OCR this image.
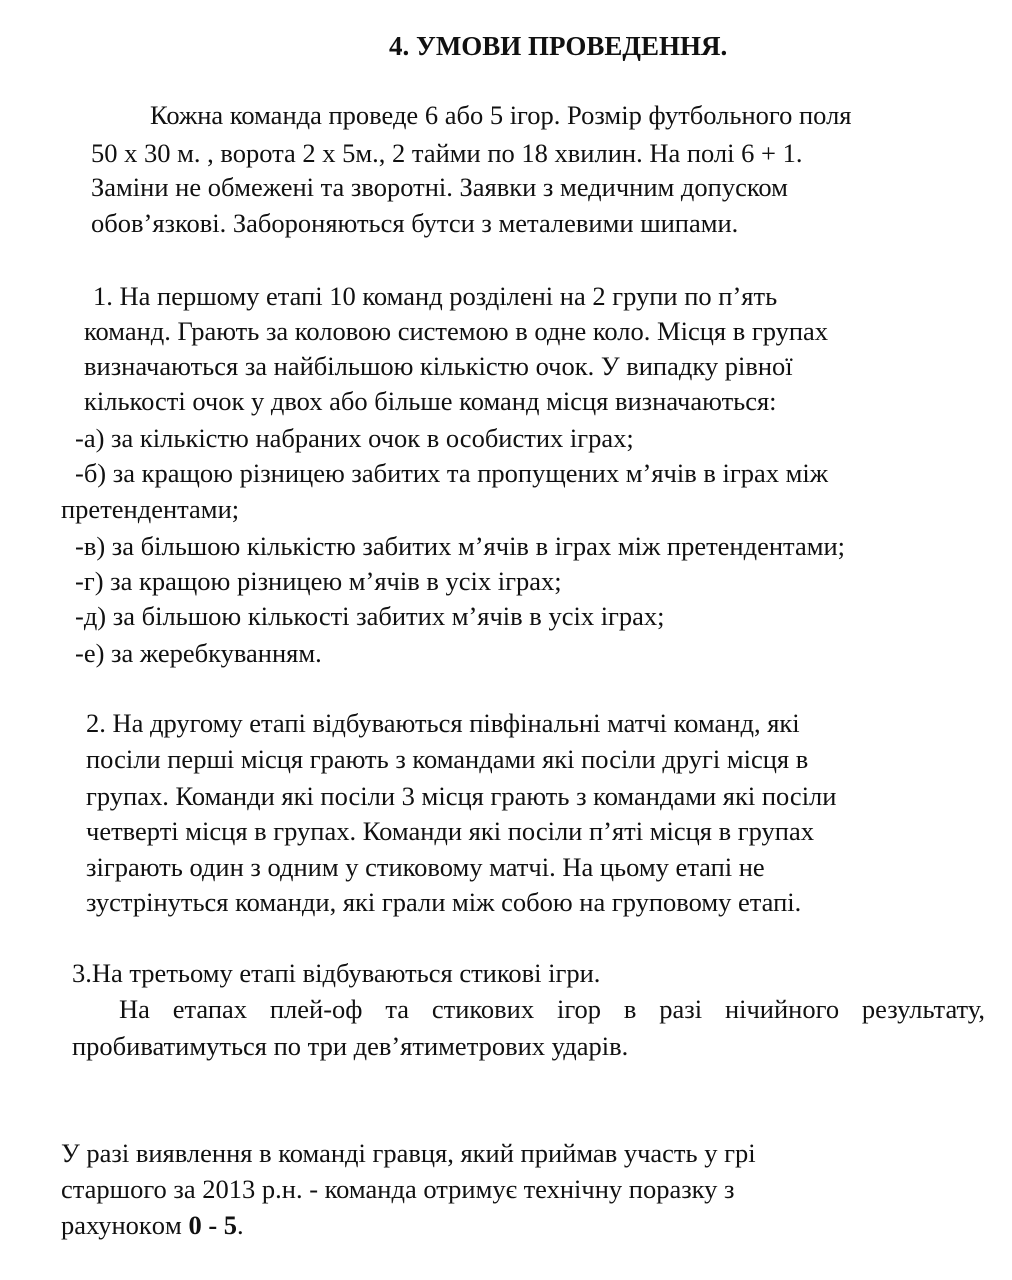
4. УМОВИ ПРОВЕДЕННЯ.
Кожна команда проведе 6 або 5 ігор. Розмір футбольного поля
50 х 30 м. , ворота 2 х 5м., 2 тайми по 18 хвилин. На полі 6 + 1.
Заміни не обмежені та зворотні. Заявки з медичним допуском
обов’язкові. Забороняються бутси з металевими шипами.
1. На першому етапі 10 команд розділені на 2 групи по п’ять
команд. Грають за коловою системою в одне коло. Місця в групах
визначаються за найбільшою кількістю очок. У випадку рівної
кількості очок у двох або більше команд місця визначаються:
-а) за кількістю набраних очок в особистих іграх;
-б) за кращою різницею забитих та пропущених м’ячів в іграх між
претендентами;
-в) за більшою кількістю забитих м’ячів в іграх між претендентами;
-г) за кращою різницею м’ячів в усіх іграх;
-д) за більшою кількості забитих м’ячів в усіх іграх;
-е) за жеребкуванням.
2. На другому етапі відбуваються півфінальні матчі команд, які
посіли перші місця грають з командами які посіли другі місця в
групах. Команди які посіли 3 місця грають з командами які посіли
четверті місця в групах. Команди які посіли п’яті місця в групах
зіграють один з одним у стиковому матчі. На цьому етапі не
зустрінуться команди, які грали між собою на груповому етапі.
3.На третьому етапі відбуваються стикові ігри.
На етапах плей-оф та стикових ігор в разі нічийного результату,
пробиватимуться по три дев’ятиметрових ударів.
У разі виявлення в команді гравця, який приймав участь у грі
старшого за 2013 р.н. - команда отримує технічну поразку з
рахунокoм 0 - 5.
